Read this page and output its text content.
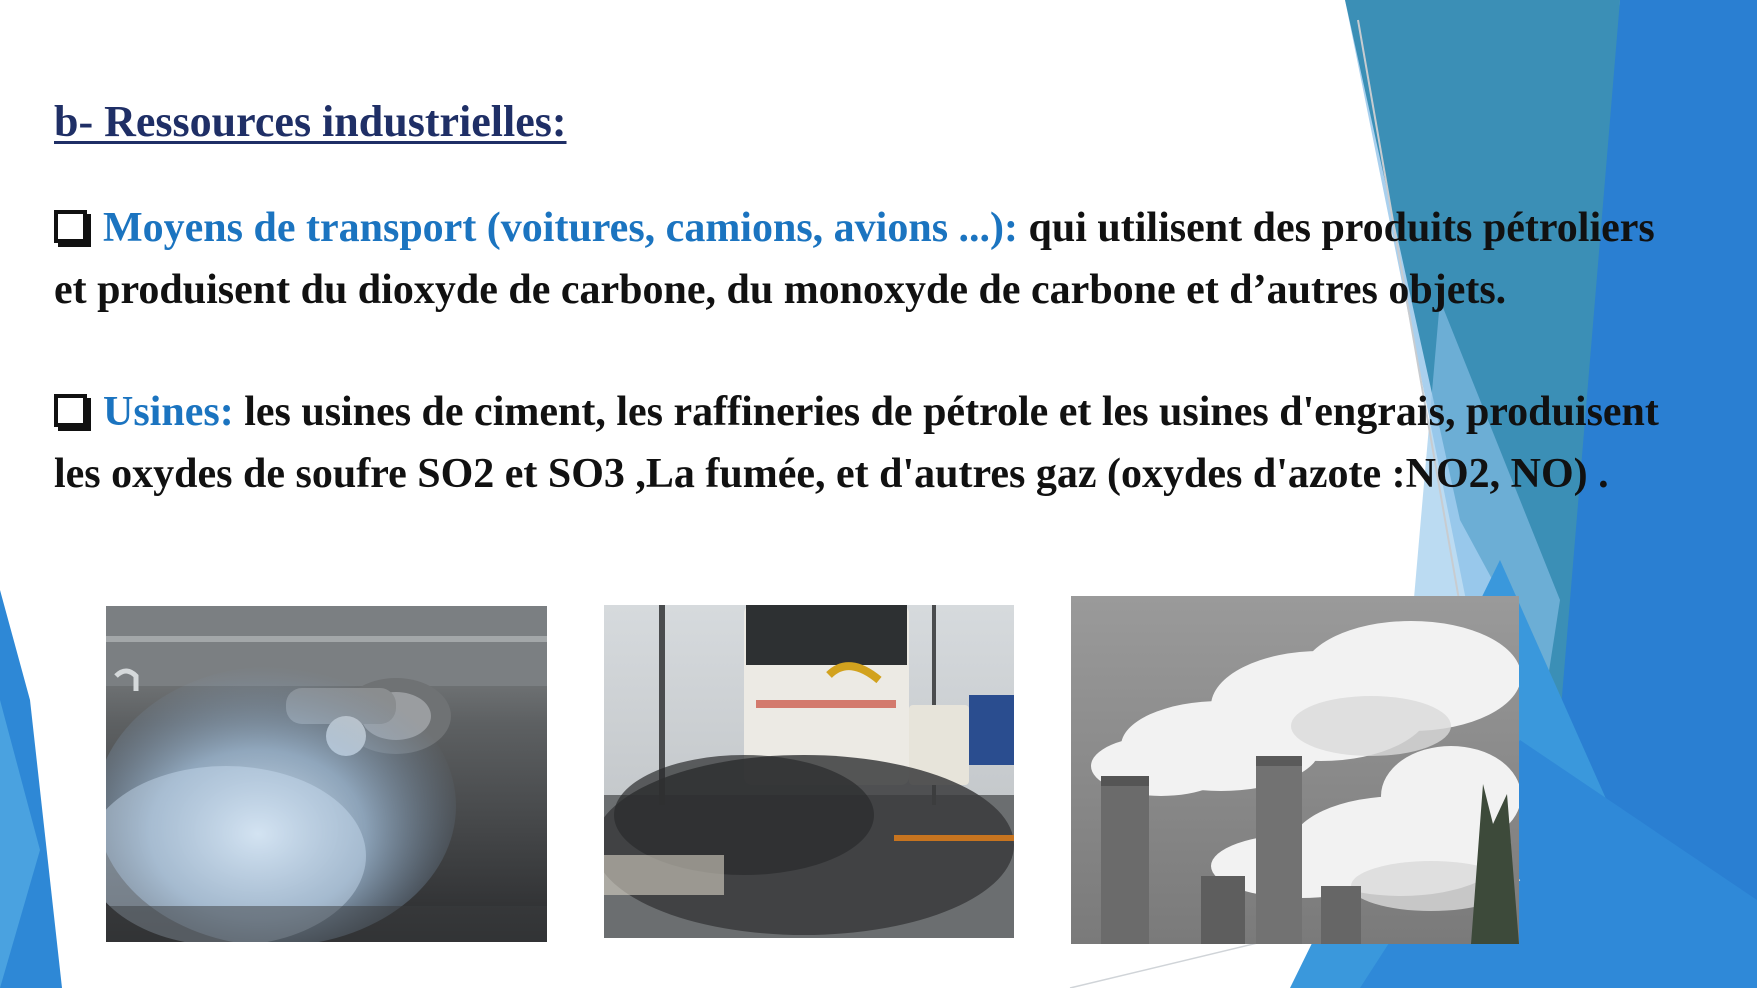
b- Ressources industrielles:

Moyens de transport (voitures, camions, avions ...): qui utilisent des produits pétroliers et produisent du dioxyde de carbone, du monoxyde de carbone et d’autres objets.

Usines: les usines de ciment, les raffineries de pétrole et les usines d'engrais, produisent les oxydes de soufre SO2 et SO3 ,La fumée, et d'autres gaz (oxydes d'azote :NO2, NO) .
